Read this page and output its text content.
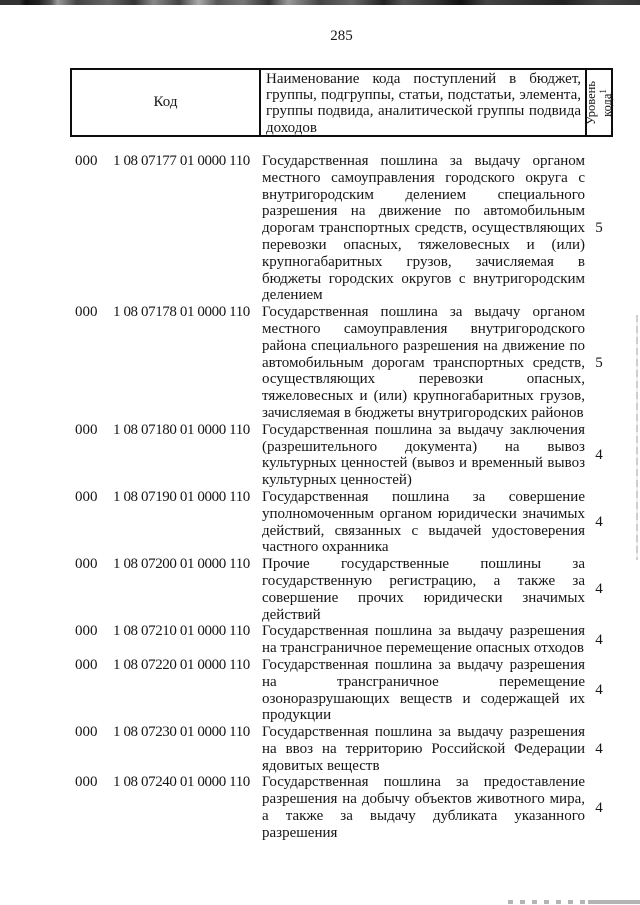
285
Код
Наименование кода поступлений в бюджет, группы, подгруппы, статьи, подстатьи, элемента, группы подвида, аналитической группы подвида доходов
Уровень кода$^1$
000	1 08 07177 01 0000 110 Государственная пошлина за выдачу органом местного самоуправления городского округа с внутригородским делением специального разрешения на движение по автомобильным дорогам транспортных средств, осуществляющих перевозки опасных, тяжеловесных и (или) крупногабаритных грузов, зачисляемая в бюджеты городских округов с внутригородским делением
5
000	1 08 07178 01 0000 110 Государственная пошлина за выдачу органом местного самоуправления внутригородского района специального разрешения на движение по автомобильным дорогам транспортных средств, осуществляющих перевозки опасных, тяжеловесных и (или) крупногабаритных грузов, зачисляемая в бюджеты внутригородских районов
5
000	1 08 07180 01 0000 110 Государственная пошлина за выдачу заключения (разрешительного документа) на вывоз культурных ценностей (вывоз и временный вывоз культурных ценностей)
4
000	1 08 07190 01 0000 110 Государственная пошлина за совершение уполномоченным органом юридически значимых действий, связанных с выдачей удостоверения частного охранника
4
000	1 08 07200 01 0000 110 Прочие государственные пошлины за государственную регистрацию, а также за совершение прочих юридически значимых действий
4
000	1 08 07210 01 0000 110 Государственная пошлина за выдачу разрешения на трансграничное перемещение опасных отходов
4
000	1 08 07220 01 0000 110 Государственная пошлина за выдачу разрешения на трансграничное перемещение озоноразрушающих веществ и содержащей их продукции
4
000	1 08 07230 01 0000 110 Государственная пошлина за выдачу разрешения на ввоз на территорию Российской Федерации ядовитых веществ
4
000	1 08 07240 01 0000 110 Государственная пошлина за предоставление разрешения на добычу объектов животного мира, а также за выдачу дубликата указанного разрешения
4
